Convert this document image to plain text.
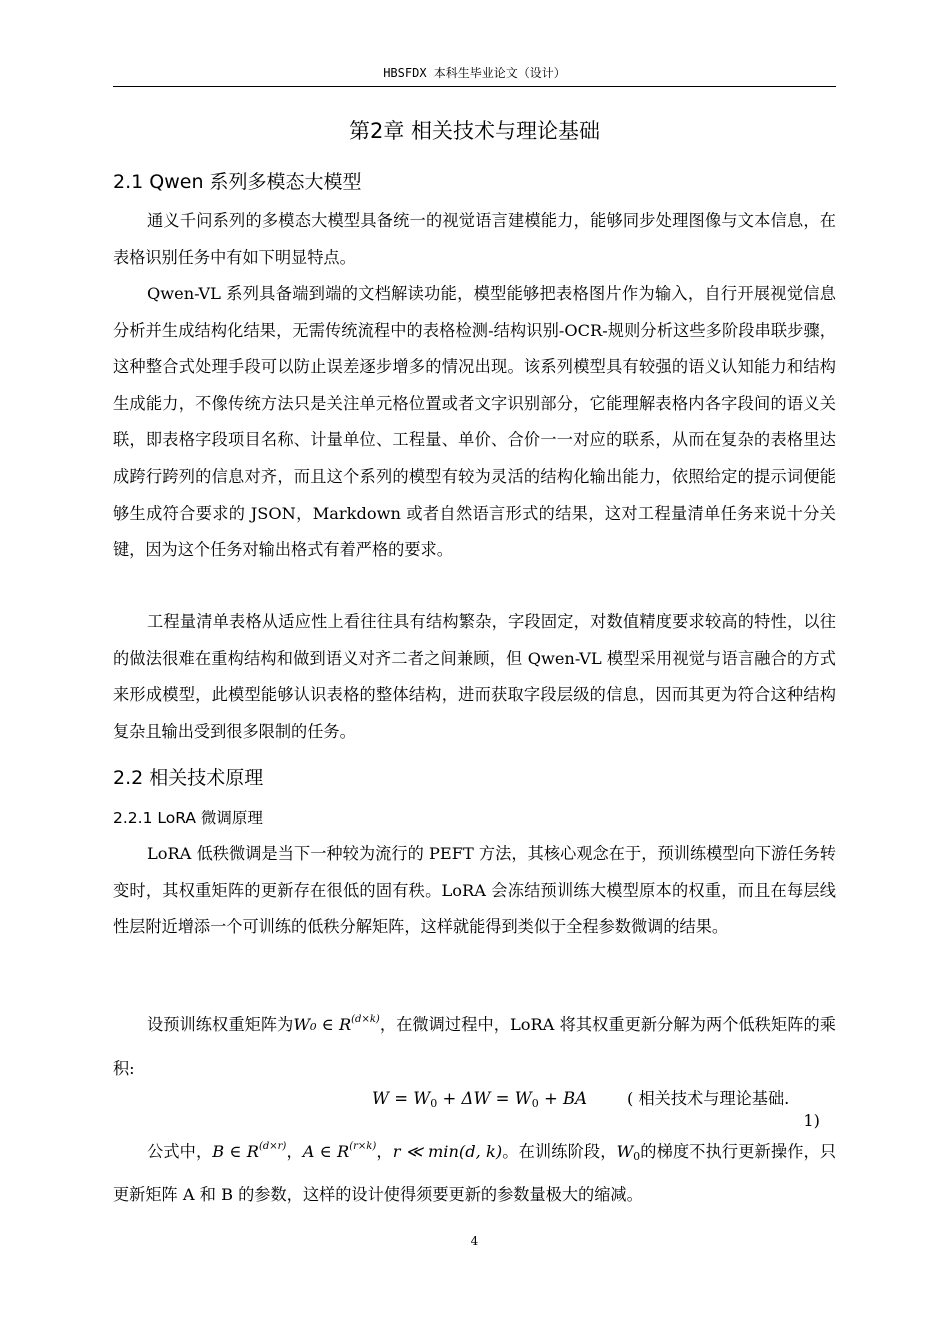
HBSFDX 本科生毕业论文（设计）
第2章 相关技术与理论基础
2.1 Qwen 系列多模态大模型
通义千问系列的多模态大模型具备统一的视觉语言建模能力，能够同步处理图像与文本信息，在表格识别任务中有如下明显特点。
Qwen-VL 系列具备端到端的文档解读功能，模型能够把表格图片作为输入，自行开展视觉信息分析并生成结构化结果，无需传统流程中的表格检测-结构识别-OCR-规则分析这些多阶段串联步骤，这种整合式处理手段可以防止误差逐步增多的情况出现。该系列模型具有较强的语义认知能力和结构生成能力，不像传统方法只是关注单元格位置或者文字识别部分，它能理解表格内各字段间的语义关联，即表格字段项目名称、计量单位、工程量、单价、合价一一对应的联系，从而在复杂的表格里达成跨行跨列的信息对齐，而且这个系列的模型有较为灵活的结构化输出能力，依照给定的提示词便能够生成符合要求的 JSON，Markdown 或者自然语言形式的结果，这对工程量清单任务来说十分关键，因为这个任务对输出格式有着严格的要求。
工程量清单表格从适应性上看往往具有结构繁杂，字段固定，对数值精度要求较高的特性，以往的做法很难在重构结构和做到语义对齐二者之间兼顾，但 Qwen-VL 模型采用视觉与语言融合的方式来形成模型，此模型能够认识表格的整体结构，进而获取字段层级的信息，因而其更为符合这种结构复杂且输出受到很多限制的任务。
2.2 相关技术原理
2.2.1 LoRA 微调原理
LoRA 低秩微调是当下一种较为流行的 PEFT 方法，其核心观念在于，预训练模型向下游任务转变时，其权重矩阵的更新存在很低的固有秩。LoRA 会冻结预训练大模型原本的权重，而且在每层线性层附近增添一个可训练的低秩分解矩阵，这样就能得到类似于全程参数微调的结果。
设预训练权重矩阵为W₀ ∈ $R^{(d\times k)}$，在微调过程中，LoRA 将其权重更新分解为两个低秩矩阵的乘积:
$W = W_0 + \Delta W = W_0$ + BA ( 相关技术与理论基础.
1)
公式中，B ∈ $R^{(d\times r)}$，A ∈ $R^{(r\times k)}$，r ≪ min(d, k)。在训练阶段，$W_0$的梯度不执行更新操作，只更新矩阵 A 和 B 的参数，这样的设计使得须要更新的参数量极大的缩减。
4
